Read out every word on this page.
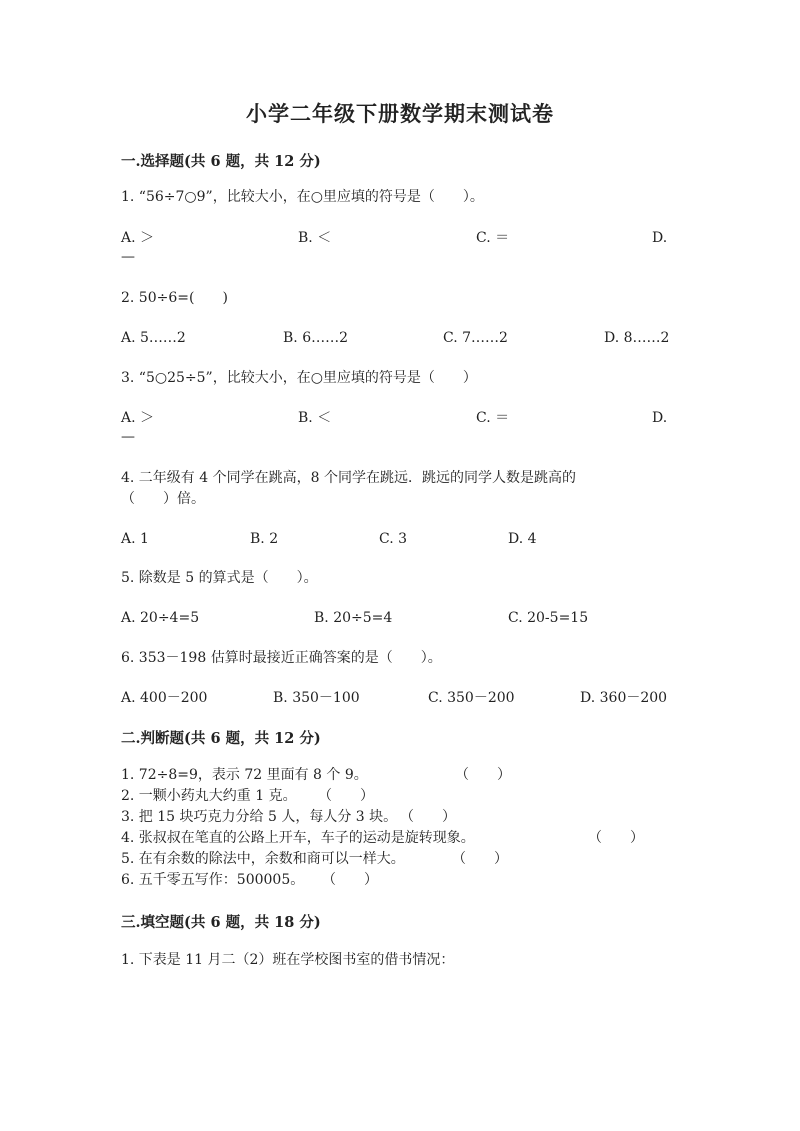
小学二年级下册数学期末测试卷
一.选择题(共 6 题，共 12 分)
1. “56÷7○9”，比较大小，在○里应填的符号是（　　）。
A. ＞	B. ＜	C. ＝	D.
—
2. 50÷6=(　　)
A. 5……2	B. 6……2	C. 7……2	D. 8……2
3. “5○25÷5”，比较大小，在○里应填的符号是（　　）
A. ＞	B. ＜	C. ＝	D.
—
4. 二年级有 4 个同学在跳高，8 个同学在跳远．跳远的同学人数是跳高的
（　　）倍。
A. 1	B. 2	C. 3	D. 4
5. 除数是 5 的算式是（　　）。
A. 20÷4=5	B. 20÷5=4	C. 20-5=15
6. 353－198 估算时最接近正确答案的是（　　）。
A. 400－200	B. 350－100	C. 350－200	D. 360－200
二.判断题(共 6 题，共 12 分)
1. 72÷8=9，表示 72 里面有 8 个 9。	（　　）
2. 一颗小药丸大约重 1 克。 （　　）
3. 把 15 块巧克力分给 5 人，每人分 3 块。 （　　）
4. 张叔叔在笔直的公路上开车，车子的运动是旋转现象。	（　　）
5. 在有余数的除法中，余数和商可以一样大。	（　　）
6. 五千零五写作：500005。 （　　）
三.填空题(共 6 题，共 18 分)
1. 下表是 11 月二（2）班在学校图书室的借书情况：
